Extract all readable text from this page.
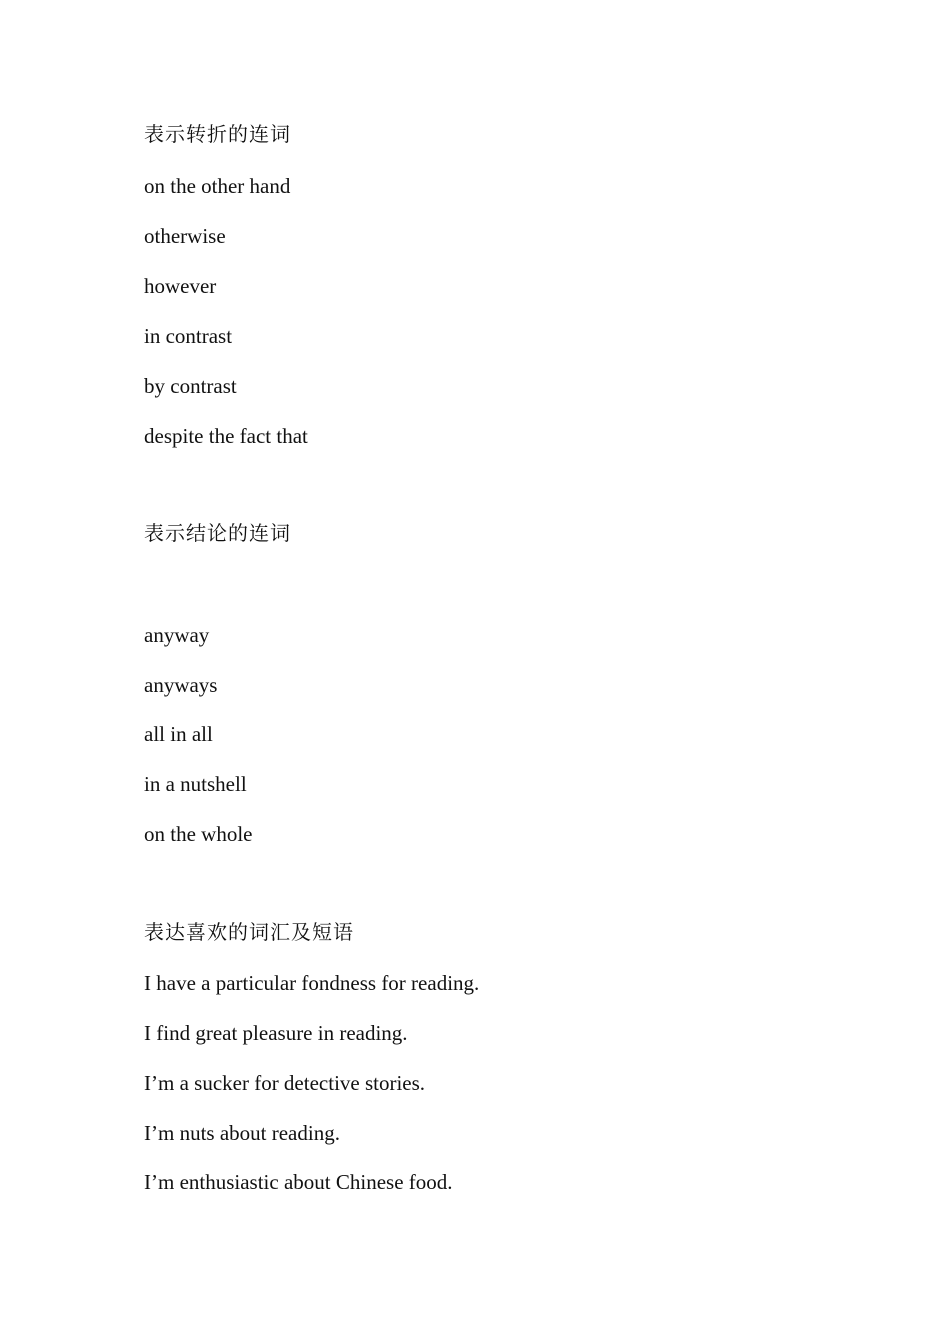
表示转折的连词
on the other hand
otherwise
however
in contrast
by contrast
despite the fact that
表示结论的连词
anyway
anyways
all in all
in a nutshell
on the whole
表达喜欢的词汇及短语
I have a particular fondness for reading.
I find great pleasure in reading.
I’m a sucker for detective stories.
I’m nuts about reading.
I’m enthusiastic about Chinese food.
